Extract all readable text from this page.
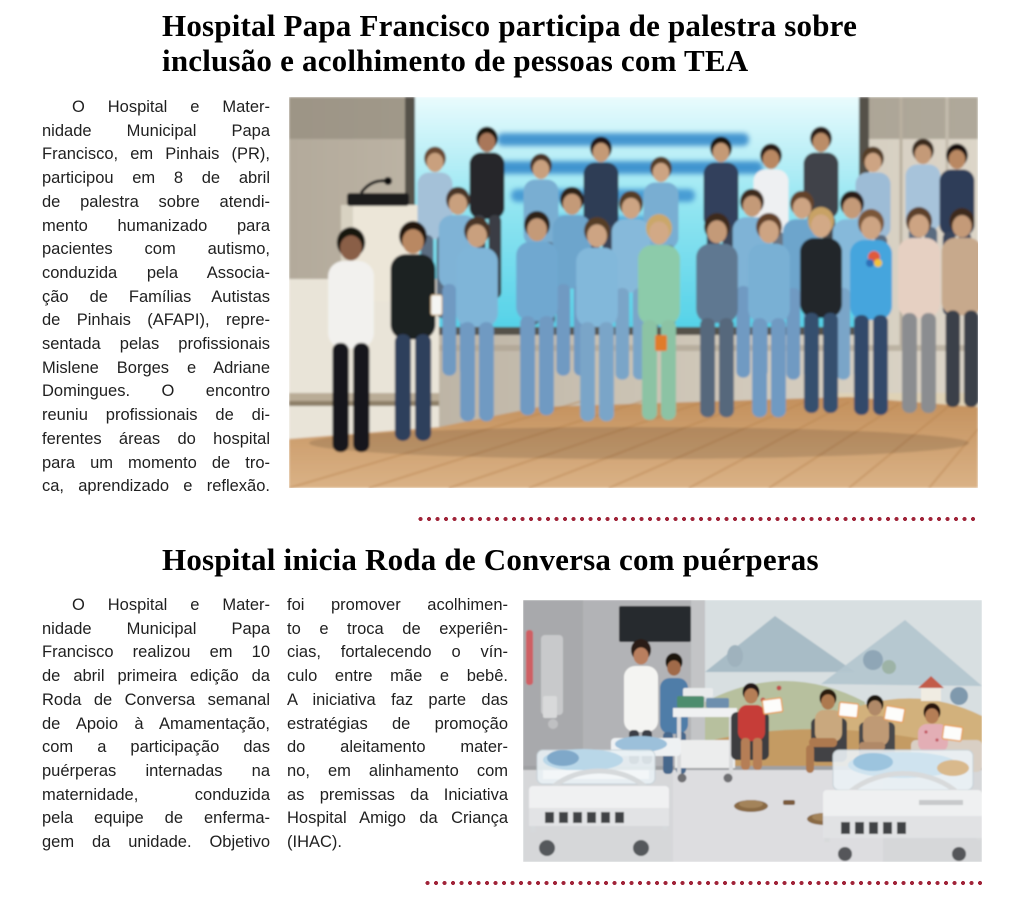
Hospital Papa Francisco participa de palestra sobre
inclusão e acolhimento de pessoas com TEA
O Hospital e Mater-
nidade Municipal Papa
Francisco, em Pinhais (PR),
participou em 8 de abril
de palestra sobre atendi-
mento humanizado para
pacientes com autismo,
conduzida pela Associa-
ção de Famílias Autistas
de Pinhais (AFAPI), repre-
sentada pelas profissionais
Mislene Borges e Adriane
Domingues. O encontro
reuniu profissionais de di-
ferentes áreas do hospital
para um momento de tro-
ca, aprendizado e reflexão.
Hospital inicia Roda de Conversa com puérperas
O Hospital e Mater-
nidade Municipal Papa
Francisco realizou em 10
de abril primeira edição da
Roda de Conversa semanal
de Apoio à Amamentação,
com a participação das
puérperas internadas na
maternidade, conduzida
pela equipe de enferma-
gem da unidade. Objetivo
foi promover acolhimen-
to e troca de experiên-
cias, fortalecendo o vín-
culo entre mãe e bebê.
A iniciativa faz parte das
estratégias de promoção
do aleitamento mater-
no, em alinhamento com
as premissas da Iniciativa
Hospital Amigo da Criança
(IHAC).
